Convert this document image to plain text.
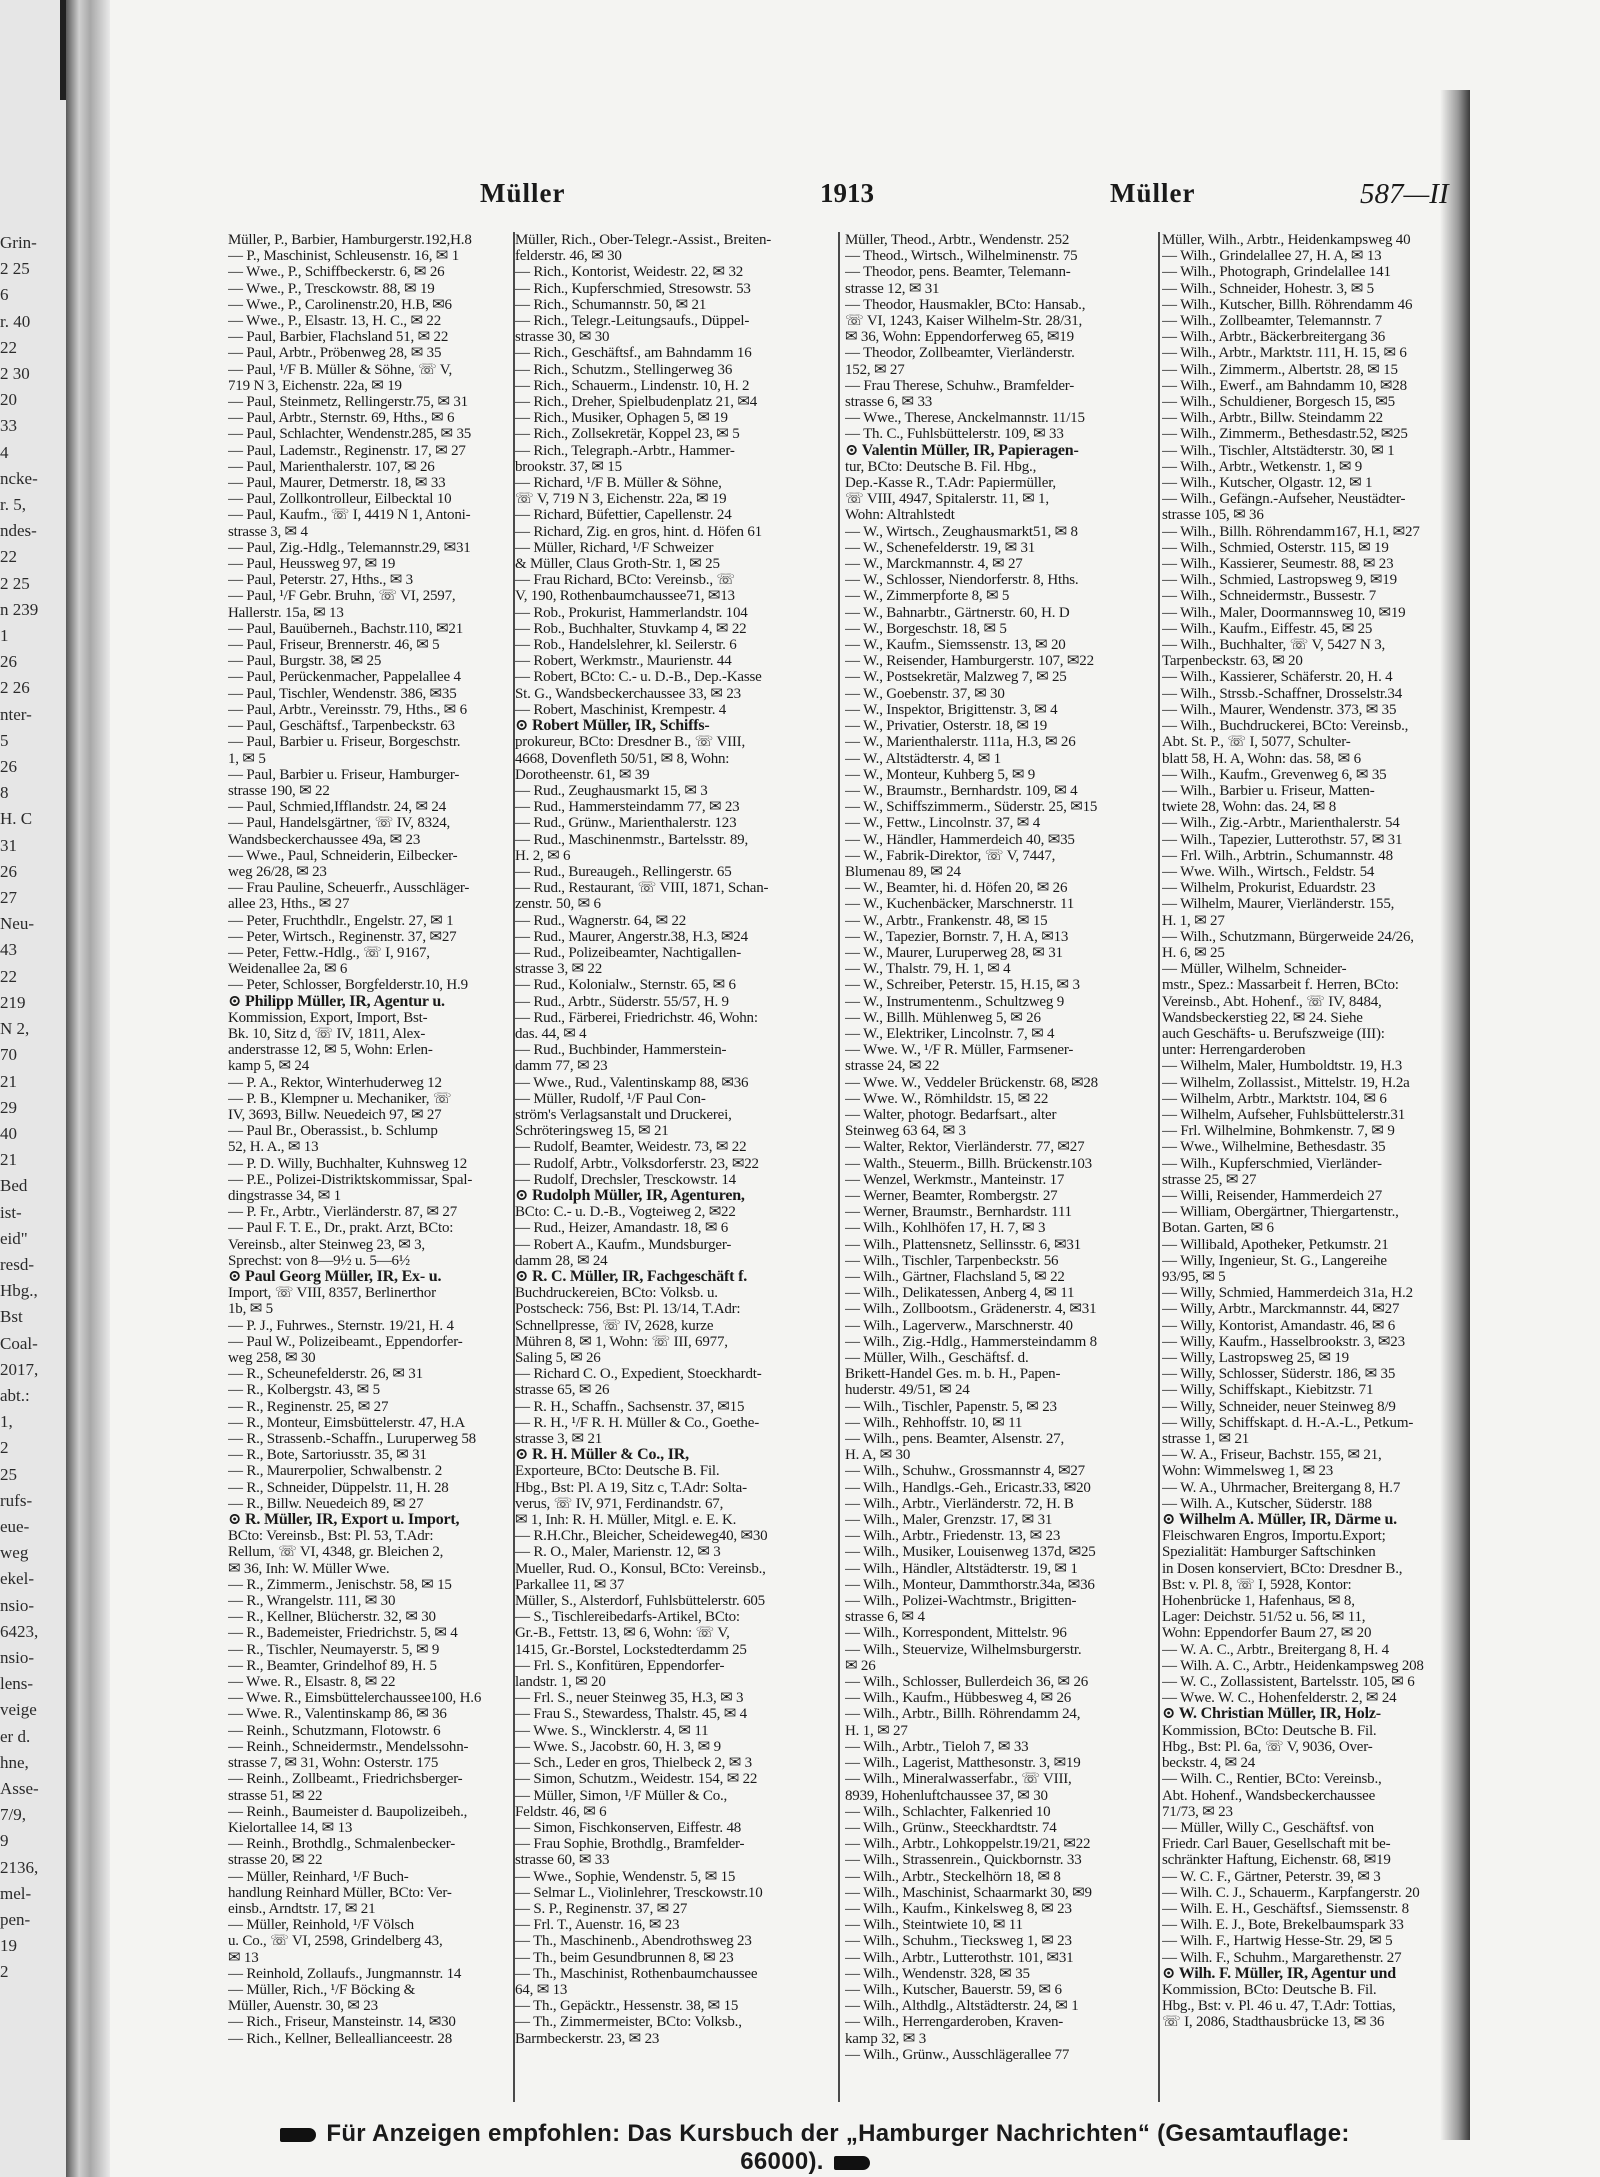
Grin-
2 25
6
r. 40
22
2 30
20
33
4
ncke-
r. 5,
ndes-
22
2 25
n 239
1
26
2 26
nter-
5
26
8
H. C
31
26
27
Neu-
43
22
219
N 2,
70
21
29
40
21
Bed
ist-
eid"
resd-
Hbg.,
Bst
Coal-
2017,
abt.:
1,
2
25
rufs-
eue-
weg
ekel-
nsio-
6423,
nsio-
lens-
veige
er d.
hne,
Asse-
7/9,
9
2136,
mel-
pen-
19
2
Müller	1913	Müller	587—II
Müller, P., Barbier, Hamburgerstr.192,H.8
— P., Maschinist, Schleusenstr. 16, ✉ 1
— Wwe., P., Schiffbeckerstr. 6, ✉ 26
— Wwe., P., Tresckowstr. 88, ✉ 19
— Wwe., P., Carolinenstr.20, H.B, ✉6
— Wwe., P., Elsastr. 13, H. C., ✉ 22
— Paul, Barbier, Flachsland 51, ✉ 22
— Paul, Arbtr., Pröbenweg 28, ✉ 35
— Paul, ¹/F B. Müller & Söhne, ☏ V,
719 N 3, Eichenstr. 22a, ✉ 19
— Paul, Steinmetz, Rellingerstr.75, ✉ 31
— Paul, Arbtr., Sternstr. 69, Hths., ✉ 6
— Paul, Schlachter, Wendenstr.285, ✉ 35
— Paul, Lademstr., Reginenstr. 17, ✉ 27
— Paul, Marienthalerstr. 107, ✉ 26
— Paul, Maurer, Detmerstr. 18, ✉ 33
— Paul, Zollkontrolleur, Eilbecktal 10
— Paul, Kaufm., ☏ I, 4419 N 1, Antoni-
strasse 3, ✉ 4
— Paul, Zig.-Hdlg., Telemannstr.29, ✉31
— Paul, Heussweg 97, ✉ 19
— Paul, Peterstr. 27, Hths., ✉ 3
— Paul, ¹/F Gebr. Bruhn, ☏ VI, 2597,
Hallerstr. 15a, ✉ 13
— Paul, Bauüberneh., Bachstr.110, ✉21
— Paul, Friseur, Brennerstr. 46, ✉ 5
— Paul, Burgstr. 38, ✉ 25
— Paul, Perückenmacher, Pappelallee 4
— Paul, Tischler, Wendenstr. 386, ✉35
— Paul, Arbtr., Vereinsstr. 79, Hths., ✉ 6
— Paul, Geschäftsf., Tarpenbeckstr. 63
— Paul, Barbier u. Friseur, Borgeschstr.
1, ✉ 5
— Paul, Barbier u. Friseur, Hamburger-
strasse 190, ✉ 22
— Paul, Schmied,Ifflandstr. 24, ✉ 24
— Paul, Handelsgärtner, ☏ IV, 8324,
Wandsbeckerchaussee 49a, ✉ 23
— Wwe., Paul, Schneiderin, Eilbecker-
weg 26/28, ✉ 23
— Frau Pauline, Scheuerfr., Ausschläger-
allee 23, Hths., ✉ 27
— Peter, Fruchthdlr., Engelstr. 27, ✉ 1
— Peter, Wirtsch., Reginenstr. 37, ✉27
— Peter, Fettw.-Hdlg., ☏ I, 9167,
Weidenallee 2a, ✉ 6
— Peter, Schlosser, Borgfelderstr.10, H.9
⊙ Philipp Müller, IR, Agentur u.
Kommission, Export, Import, Bst-
Bk. 10, Sitz d, ☏ IV, 1811, Alex-
anderstrasse 12, ✉ 5, Wohn: Erlen-
kamp 5, ✉ 24
— P. A., Rektor, Winterhuderweg 12
— P. B., Klempner u. Mechaniker, ☏
IV, 3693, Billw. Neuedeich 97, ✉ 27
— Paul Br., Oberassist., b. Schlump
52, H. A., ✉ 13
— P. D. Willy, Buchhalter, Kuhnsweg 12
— P.E., Polizei-Distriktskommissar, Spal-
dingstrasse 34, ✉ 1
— P. Fr., Arbtr., Vierländerstr. 87, ✉ 27
— Paul F. T. E., Dr., prakt. Arzt, BCto:
Vereinsb., alter Steinweg 23, ✉ 3,
Sprechst: von 8—9½ u. 5—6½
⊙ Paul Georg Müller, IR, Ex- u.
Import, ☏ VIII, 8357, Berlinerthor
1b, ✉ 5
— P. J., Fuhrwes., Sternstr. 19/21, H. 4
— Paul W., Polizeibeamt., Eppendorfer-
weg 258, ✉ 30
— R., Scheunefelderstr. 26, ✉ 31
— R., Kolbergstr. 43, ✉ 5
— R., Reginenstr. 25, ✉ 27
— R., Monteur, Eimsbüttelerstr. 47, H.A
— R., Strassenb.-Schaffn., Luruperweg 58
— R., Bote, Sartoriusstr. 35, ✉ 31
— R., Maurerpolier, Schwalbenstr. 2
— R., Schneider, Düppelstr. 11, H. 28
— R., Billw. Neuedeich 89, ✉ 27
⊙ R. Müller, IR, Export u. Import,
BCto: Vereinsb., Bst: Pl. 53, T.Adr:
Rellum, ☏ VI, 4348, gr. Bleichen 2,
✉ 36, Inh: W. Müller Wwe.
— R., Zimmerm., Jenischstr. 58, ✉ 15
— R., Wrangelstr. 111, ✉ 30
— R., Kellner, Blücherstr. 32, ✉ 30
— R., Bademeister, Friedrichstr. 5, ✉ 4
— R., Tischler, Neumayerstr. 5, ✉ 9
— R., Beamter, Grindelhof 89, H. 5
— Wwe. R., Elsastr. 8, ✉ 22
— Wwe. R., Eimsbüttelerchaussee100, H.6
— Wwe. R., Valentinskamp 86, ✉ 36
— Reinh., Schutzmann, Flotowstr. 6
— Reinh., Schneidermstr., Mendelssohn-
strasse 7, ✉ 31, Wohn: Osterstr. 175
— Reinh., Zollbeamt., Friedrichsberger-
strasse 51, ✉ 22
— Reinh., Baumeister d. Baupolizeibeh.,
Kielortallee 14, ✉ 13
— Reinh., Brothdlg., Schmalenbecker-
strasse 20, ✉ 22
— Müller, Reinhard, ¹/F Buch-
handlung Reinhard Müller, BCto: Ver-
einsb., Arndtstr. 17, ✉ 21
— Müller, Reinhold, ¹/F Völsch
u. Co., ☏ VI, 2598, Grindelberg 43,
✉ 13
— Reinhold, Zollaufs., Jungmannstr. 14
— Müller, Rich., ¹/F Böcking &
Müller, Auenstr. 30, ✉ 23
— Rich., Friseur, Mansteinstr. 14, ✉30
— Rich., Kellner, Belleallianceestr. 28
Müller, Rich., Ober-Telegr.-Assist., Breiten-
felderstr. 46, ✉ 30
— Rich., Kontorist, Weidestr. 22, ✉ 32
— Rich., Kupferschmied, Stresowstr. 53
— Rich., Schumannstr. 50, ✉ 21
— Rich., Telegr.-Leitungsaufs., Düppel-
strasse 30, ✉ 30
— Rich., Geschäftsf., am Bahndamm 16
— Rich., Schutzm., Stellingerweg 36
— Rich., Schauerm., Lindenstr. 10, H. 2
— Rich., Dreher, Spielbudenplatz 21, ✉4
— Rich., Musiker, Ophagen 5, ✉ 19
— Rich., Zollsekretär, Koppel 23, ✉ 5
— Rich., Telegraph.-Arbtr., Hammer-
brookstr. 37, ✉ 15
— Richard, ¹/F B. Müller & Söhne,
☏ V, 719 N 3, Eichenstr. 22a, ✉ 19
— Richard, Büfettier, Capellenstr. 24
— Richard, Zig. en gros, hint. d. Höfen 61
— Müller, Richard, ¹/F Schweizer
& Müller, Claus Groth-Str. 1, ✉ 25
— Frau Richard, BCto: Vereinsb., ☏
V, 190, Rothenbaumchaussee71, ✉13
— Rob., Prokurist, Hammerlandstr. 104
— Rob., Buchhalter, Stuvkamp 4, ✉ 22
— Rob., Handelslehrer, kl. Seilerstr. 6
— Robert, Werkmstr., Maurienstr. 44
— Robert, BCto: C.- u. D.-B., Dep.-Kasse
St. G., Wandsbeckerchaussee 33, ✉ 23
— Robert, Maschinist, Krempestr. 4
⊙ Robert Müller, IR, Schiffs-
prokureur, BCto: Dresdner B., ☏ VIII,
4668, Dovenfleth 50/51, ✉ 8, Wohn:
Dorotheenstr. 61, ✉ 39
— Rud., Zeughausmarkt 15, ✉ 3
— Rud., Hammersteindamm 77, ✉ 23
— Rud., Grünw., Marienthalerstr. 123
— Rud., Maschinenmstr., Bartelsstr. 89,
H. 2, ✉ 6
— Rud., Bureaugeh., Rellingerstr. 65
— Rud., Restaurant, ☏ VIII, 1871, Schan-
zenstr. 50, ✉ 6
— Rud., Wagnerstr. 64, ✉ 22
— Rud., Maurer, Angerstr.38, H.3, ✉24
— Rud., Polizeibeamter, Nachtigallen-
strasse 3, ✉ 22
— Rud., Kolonialw., Sternstr. 65, ✉ 6
— Rud., Arbtr., Süderstr. 55/57, H. 9
— Rud., Färberei, Friedrichstr. 46, Wohn:
das. 44, ✉ 4
— Rud., Buchbinder, Hammerstein-
damm 77, ✉ 23
— Wwe., Rud., Valentinskamp 88, ✉36
— Müller, Rudolf, ¹/F Paul Con-
ström's Verlagsanstalt und Druckerei,
Schröteringsweg 15, ✉ 21
— Rudolf, Beamter, Weidestr. 73, ✉ 22
— Rudolf, Arbtr., Volksdorferstr. 23, ✉22
— Rudolf, Drechsler, Tresckowstr. 14
⊙ Rudolph Müller, IR, Agenturen,
BCto: C.- u. D.-B., Vogteiweg 2, ✉22
— Rud., Heizer, Amandastr. 18, ✉ 6
— Robert A., Kaufm., Mundsburger-
damm 28, ✉ 24
⊙ R. C. Müller, IR, Fachgeschäft f.
Buchdruckereien, BCto: Volksb. u.
Postscheck: 756, Bst: Pl. 13/14, T.Adr:
Schnellpresse, ☏ IV, 2628, kurze
Mühren 8, ✉ 1, Wohn: ☏ III, 6977,
Saling 5, ✉ 26
— Richard C. O., Expedient, Stoeckhardt-
strasse 65, ✉ 26
— R. H., Schaffn., Sachsenstr. 37, ✉15
— R. H., ¹/F R. H. Müller & Co., Goethe-
strasse 3, ✉ 21
⊙ R. H. Müller & Co., IR,
Exporteure, BCto: Deutsche B. Fil.
Hbg., Bst: Pl. A 19, Sitz c, T.Adr: Solta-
verus, ☏ IV, 971, Ferdinandstr. 67,
✉ 1, Inh: R. H. Müller, Mitgl. e. E. K.
— R.H.Chr., Bleicher, Scheideweg40, ✉30
— R. O., Maler, Marienstr. 12, ✉ 3
Mueller, Rud. O., Konsul, BCto: Vereinsb.,
Parkallee 11, ✉ 37
Müller, S., Alsterdorf, Fuhlsbüttelerstr. 605
— S., Tischlereibedarfs-Artikel, BCto:
Gr.-B., Fettstr. 13, ✉ 6, Wohn: ☏ V,
1415, Gr.-Borstel, Lockstedterdamm 25
— Frl. S., Konfitüren, Eppendorfer-
landstr. 1, ✉ 20
— Frl. S., neuer Steinweg 35, H.3, ✉ 3
— Frau S., Stewardess, Thalstr. 45, ✉ 4
— Wwe. S., Wincklerstr. 4, ✉ 11
— Wwe. S., Jacobstr. 60, H. 3, ✉ 9
— Sch., Leder en gros, Thielbeck 2, ✉ 3
— Simon, Schutzm., Weidestr. 154, ✉ 22
— Müller, Simon, ¹/F Müller & Co.,
Feldstr. 46, ✉ 6
— Simon, Fischkonserven, Eiffestr. 48
— Frau Sophie, Brothdlg., Bramfelder-
strasse 60, ✉ 33
— Wwe., Sophie, Wendenstr. 5, ✉ 15
— Selmar L., Violinlehrer, Tresckowstr.10
— S. P., Reginenstr. 37, ✉ 27
— Frl. T., Auenstr. 16, ✉ 23
— Th., Maschinenb., Abendrothsweg 23
— Th., beim Gesundbrunnen 8, ✉ 23
— Th., Maschinist, Rothenbaumchaussee
64, ✉ 13
— Th., Gepäcktr., Hessenstr. 38, ✉ 15
— Th., Zimmermeister, BCto: Volksb.,
Barmbeckerstr. 23, ✉ 23
Müller, Theod., Arbtr., Wendenstr. 252
— Theod., Wirtsch., Wilhelminenstr. 75
— Theodor, pens. Beamter, Telemann-
strasse 12, ✉ 31
— Theodor, Hausmakler, BCto: Hansab.,
☏ VI, 1243, Kaiser Wilhelm-Str. 28/31,
✉ 36, Wohn: Eppendorferweg 65, ✉19
— Theodor, Zollbeamter, Vierländerstr.
152, ✉ 27
— Frau Therese, Schuhw., Bramfelder-
strasse 6, ✉ 33
— Wwe., Therese, Anckelmannstr. 11/15
— Th. C., Fuhlsbüttelerstr. 109, ✉ 33
⊙ Valentin Müller, IR, Papieragen-
tur, BCto: Deutsche B. Fil. Hbg.,
Dep.-Kasse R., T.Adr: Papiermüller,
☏ VIII, 4947, Spitalerstr. 11, ✉ 1,
Wohn: Altrahlstedt
— W., Wirtsch., Zeughausmarkt51, ✉ 8
— W., Schenefelderstr. 19, ✉ 31
— W., Marckmannstr. 4, ✉ 27
— W., Schlosser, Niendorferstr. 8, Hths.
— W., Zimmerpforte 8, ✉ 5
— W., Bahnarbtr., Gärtnerstr. 60, H. D
— W., Borgeschstr. 18, ✉ 5
— W., Kaufm., Siemssenstr. 13, ✉ 20
— W., Reisender, Hamburgerstr. 107, ✉22
— W., Postsekretär, Malzweg 7, ✉ 25
— W., Goebenstr. 37, ✉ 30
— W., Inspektor, Brigittenstr. 3, ✉ 4
— W., Privatier, Osterstr. 18, ✉ 19
— W., Marienthalerstr. 111a, H.3, ✉ 26
— W., Altstädterstr. 4, ✉ 1
— W., Monteur, Kuhberg 5, ✉ 9
— W., Braumstr., Bernhardstr. 109, ✉ 4
— W., Schiffszimmerm., Süderstr. 25, ✉15
— W., Fettw., Lincolnstr. 37, ✉ 4
— W., Händler, Hammerdeich 40, ✉35
— W., Fabrik-Direktor, ☏ V, 7447,
Blumenau 89, ✉ 24
— W., Beamter, hi. d. Höfen 20, ✉ 26
— W., Kuchenbäcker, Marschnerstr. 11
— W., Arbtr., Frankenstr. 48, ✉ 15
— W., Tapezier, Bornstr. 7, H. A, ✉13
— W., Maurer, Luruperweg 28, ✉ 31
— W., Thalstr. 79, H. 1, ✉ 4
— W., Schreiber, Peterstr. 15, H.15, ✉ 3
— W., Instrumentenm., Schultzweg 9
— W., Billh. Mühlenweg 5, ✉ 26
— W., Elektriker, Lincolnstr. 7, ✉ 4
— Wwe. W., ¹/F R. Müller, Farmsener-
strasse 24, ✉ 22
— Wwe. W., Veddeler Brückenstr. 68, ✉28
— Wwe. W., Römhildstr. 15, ✉ 22
— Walter, photogr. Bedarfsart., alter
Steinweg 63 64, ✉ 3
— Walter, Rektor, Vierländerstr. 77, ✉27
— Walth., Steuerm., Billh. Brückenstr.103
— Wenzel, Werkmstr., Manteinstr. 17
— Werner, Beamter, Rombergstr. 27
— Werner, Braumstr., Bernhardstr. 111
— Wilh., Kohlhöfen 17, H. 7, ✉ 3
— Wilh., Plattensnetz, Sellinsstr. 6, ✉31
— Wilh., Tischler, Tarpenbeckstr. 56
— Wilh., Gärtner, Flachsland 5, ✉ 22
— Wilh., Delikatessen, Anberg 4, ✉ 11
— Wilh., Zollbootsm., Grädenerstr. 4, ✉31
— Wilh., Lagerverw., Marschnerstr. 40
— Wilh., Zig.-Hdlg., Hammersteindamm 8
— Müller, Wilh., Geschäftsf. d.
Brikett-Handel Ges. m. b. H., Papen-
huderstr. 49/51, ✉ 24
— Wilh., Tischler, Papenstr. 5, ✉ 23
— Wilh., Rehhoffstr. 10, ✉ 11
— Wilh., pens. Beamter, Alsenstr. 27,
H. A, ✉ 30
— Wilh., Schuhw., Grossmannstr 4, ✉27
— Wilh., Handlgs.-Geh., Ericastr.33, ✉20
— Wilh., Arbtr., Vierländerstr. 72, H. B
— Wilh., Maler, Grenzstr. 17, ✉ 31
— Wilh., Arbtr., Friedenstr. 13, ✉ 23
— Wilh., Musiker, Louisenweg 137d, ✉25
— Wilh., Händler, Altstädterstr. 19, ✉ 1
— Wilh., Monteur, Dammthorstr.34a, ✉36
— Wilh., Polizei-Wachtmstr., Brigitten-
strasse 6, ✉ 4
— Wilh., Korrespondent, Mittelstr. 96
— Wilh., Steuervize, Wilhelmsburgerstr.
✉ 26
— Wilh., Schlosser, Bullerdeich 36, ✉ 26
— Wilh., Kaufm., Hübbesweg 4, ✉ 26
— Wilh., Arbtr., Billh. Röhrendamm 24,
H. 1, ✉ 27
— Wilh., Arbtr., Tieloh 7, ✉ 33
— Wilh., Lagerist, Matthesonstr. 3, ✉19
— Wilh., Mineralwasserfabr., ☏ VIII,
8939, Hohenluftchaussee 37, ✉ 30
— Wilh., Schlachter, Falkenried 10
— Wilh., Grünw., Steeckhardtstr. 74
— Wilh., Arbtr., Lohkoppelstr.19/21, ✉22
— Wilh., Strassenrein., Quickbornstr. 33
— Wilh., Arbtr., Steckelhörn 18, ✉ 8
— Wilh., Maschinist, Schaarmarkt 30, ✉9
— Wilh., Kaufm., Kinkelsweg 8, ✉ 23
— Wilh., Steintwiete 10, ✉ 11
— Wilh., Schuhm., Tiecksweg 1, ✉ 23
— Wilh., Arbtr., Lutterothstr. 101, ✉31
— Wilh., Wendenstr. 328, ✉ 35
— Wilh., Kutscher, Bauerstr. 59, ✉ 6
— Wilh., Althdlg., Altstädterstr. 24, ✉ 1
— Wilh., Herrengarderoben, Kraven-
kamp 32, ✉ 3
— Wilh., Grünw., Ausschlägerallee 77
Müller, Wilh., Arbtr., Heidenkampsweg 40
— Wilh., Grindelallee 27, H. A, ✉ 13
— Wilh., Photograph, Grindelallee 141
— Wilh., Schneider, Hohestr. 3, ✉ 5
— Wilh., Kutscher, Billh. Röhrendamm 46
— Wilh., Zollbeamter, Telemannstr. 7
— Wilh., Arbtr., Bäckerbreitergang 36
— Wilh., Arbtr., Marktstr. 111, H. 15, ✉ 6
— Wilh., Zimmerm., Albertstr. 28, ✉ 15
— Wilh., Ewerf., am Bahndamm 10, ✉28
— Wilh., Schuldiener, Borgesch 15, ✉5
— Wilh., Arbtr., Billw. Steindamm 22
— Wilh., Zimmerm., Bethesdastr.52, ✉25
— Wilh., Tischler, Altstädterstr. 30, ✉ 1
— Wilh., Arbtr., Wetkenstr. 1, ✉ 9
— Wilh., Kutscher, Olgastr. 12, ✉ 1
— Wilh., Gefängn.-Aufseher, Neustädter-
strasse 105, ✉ 36
— Wilh., Billh. Röhrendamm167, H.1, ✉27
— Wilh., Schmied, Osterstr. 115, ✉ 19
— Wilh., Kassierer, Seumestr. 88, ✉ 23
— Wilh., Schmied, Lastropsweg 9, ✉19
— Wilh., Schneidermstr., Bussestr. 7
— Wilh., Maler, Doormannsweg 10, ✉19
— Wilh., Kaufm., Eiffestr. 45, ✉ 25
— Wilh., Buchhalter, ☏ V, 5427 N 3,
Tarpenbeckstr. 63, ✉ 20
— Wilh., Kassierer, Schäferstr. 20, H. 4
— Wilh., Strssb.-Schaffner, Drosselstr.34
— Wilh., Maurer, Wendenstr. 373, ✉ 35
— Wilh., Buchdruckerei, BCto: Vereinsb.,
Abt. St. P., ☏ I, 5077, Schulter-
blatt 58, H. A, Wohn: das. 58, ✉ 6
— Wilh., Kaufm., Grevenweg 6, ✉ 35
— Wilh., Barbier u. Friseur, Matten-
twiete 28, Wohn: das. 24, ✉ 8
— Wilh., Zig.-Arbtr., Marienthalerstr. 54
— Wilh., Tapezier, Lutterothstr. 57, ✉ 31
— Frl. Wilh., Arbtrin., Schumannstr. 48
— Wwe. Wilh., Wirtsch., Feldstr. 54
— Wilhelm, Prokurist, Eduardstr. 23
— Wilhelm, Maurer, Vierländerstr. 155,
H. 1, ✉ 27
— Wilh., Schutzmann, Bürgerweide 24/26,
H. 6, ✉ 25
— Müller, Wilhelm, Schneider-
mstr., Spez.: Massarbeit f. Herren, BCto:
Vereinsb., Abt. Hohenf., ☏ IV, 8484,
Wandsbeckerstieg 22, ✉ 24. Siehe
auch Geschäfts- u. Berufszweige (III):
unter: Herrengarderoben
— Wilhelm, Maler, Humboldtstr. 19, H.3
— Wilhelm, Zollassist., Mittelstr. 19, H.2a
— Wilhelm, Arbtr., Marktstr. 104, ✉ 6
— Wilhelm, Aufseher, Fuhlsbüttelerstr.31
— Frl. Wilhelmine, Bohmkenstr. 7, ✉ 9
— Wwe., Wilhelmine, Bethesdastr. 35
— Wilh., Kupferschmied, Vierländer-
strasse 25, ✉ 27
— Willi, Reisender, Hammerdeich 27
— William, Obergärtner, Thiergartenstr.,
Botan. Garten, ✉ 6
— Willibald, Apotheker, Petkumstr. 21
— Willy, Ingenieur, St. G., Langereihe
93/95, ✉ 5
— Willy, Schmied, Hammerdeich 31a, H.2
— Willy, Arbtr., Marckmannstr. 44, ✉27
— Willy, Kontorist, Amandastr. 46, ✉ 6
— Willy, Kaufm., Hasselbrookstr. 3, ✉23
— Willy, Lastropsweg 25, ✉ 19
— Willy, Schlosser, Süderstr. 186, ✉ 35
— Willy, Schiffskapt., Kiebitzstr. 71
— Willy, Schneider, neuer Steinweg 8/9
— Willy, Schiffskapt. d. H.-A.-L., Petkum-
strasse 1, ✉ 21
— W. A., Friseur, Bachstr. 155, ✉ 21,
Wohn: Wimmelsweg 1, ✉ 23
— W. A., Uhrmacher, Breitergang 8, H.7
— Wilh. A., Kutscher, Süderstr. 188
⊙ Wilhelm A. Müller, IR, Därme u.
Fleischwaren Engros, Importu.Export;
Spezialität: Hamburger Saftschinken
in Dosen konserviert, BCto: Dresdner B.,
Bst: v. Pl. 8, ☏ I, 5928, Kontor:
Hohenbrücke 1, Hafenhaus, ✉ 8,
Lager: Deichstr. 51/52 u. 56, ✉ 11,
Wohn: Eppendorfer Baum 27, ✉ 20
— W. A. C., Arbtr., Breitergang 8, H. 4
— Wilh. A. C., Arbtr., Heidenkampsweg 208
— W. C., Zollassistent, Bartelsstr. 105, ✉ 6
— Wwe. W. C., Hohenfelderstr. 2, ✉ 24
⊙ W. Christian Müller, IR, Holz-
Kommission, BCto: Deutsche B. Fil.
Hbg., Bst: Pl. 6a, ☏ V, 9036, Over-
beckstr. 4, ✉ 24
— Wilh. C., Rentier, BCto: Vereinsb.,
Abt. Hohenf., Wandsbeckerchaussee
71/73, ✉ 23
— Müller, Willy C., Geschäftsf. von
Friedr. Carl Bauer, Gesellschaft mit be-
schränkter Haftung, Eichenstr. 68, ✉19
— W. C. F., Gärtner, Peterstr. 39, ✉ 3
— Wilh. C. J., Schauerm., Karpfangerstr. 20
— Wilh. E. H., Geschäftsf., Siemssenstr. 8
— Wilh. E. J., Bote, Brekelbaumspark 33
— Wilh. F., Hartwig Hesse-Str. 29, ✉ 5
— Wilh. F., Schuhm., Margarethenstr. 27
⊙ Wilh. F. Müller, IR, Agentur und
Kommission, BCto: Deutsche B. Fil.
Hbg., Bst: v. Pl. 46 u. 47, T.Adr: Tottias,
☏ I, 2086, Stadthausbrücke 13, ✉ 36
Für Anzeigen empfohlen: Das Kursbuch der „Hamburger Nachrichten“ (Gesamtauflage: 66000).
